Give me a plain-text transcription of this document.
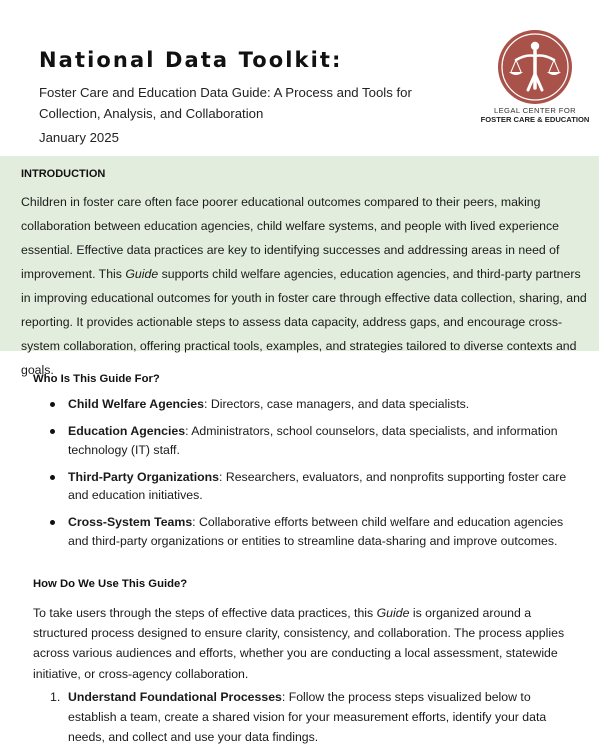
National Data Toolkit:
Foster Care and Education Data Guide: A Process and Tools for Collection, Analysis, and Collaboration
January 2025
LEGAL CENTER FOR
FOSTER CARE & EDUCATION
INTRODUCTION
Children in foster care often face poorer educational outcomes compared to their peers, making collaboration between education agencies, child welfare systems, and people with lived experience essential. Effective data practices are key to identifying successes and addressing areas in need of improvement. This Guide supports child welfare agencies, education agencies, and third-party partners in improving educational outcomes for youth in foster care through effective data collection, sharing, and reporting. It provides actionable steps to assess data capacity, address gaps, and encourage cross-system collaboration, offering practical tools, examples, and strategies tailored to diverse contexts and goals.
Who Is This Guide For?
Child Welfare Agencies: Directors, case managers, and data specialists.
Education Agencies: Administrators, school counselors, data specialists, and information technology (IT) staff.
Third-Party Organizations: Researchers, evaluators, and nonprofits supporting foster care and education initiatives.
Cross-System Teams: Collaborative efforts between child welfare and education agencies and third-party organizations or entities to streamline data-sharing and improve outcomes.
How Do We Use This Guide?
To take users through the steps of effective data practices, this Guide is organized around a structured process designed to ensure clarity, consistency, and collaboration. The process applies across various audiences and efforts, whether you are conducting a local assessment, statewide initiative, or cross-agency collaboration.
1. Understand Foundational Processes: Follow the process steps visualized below to establish a team, create a shared vision for your measurement efforts, identify your data needs, and collect and use your data findings.
